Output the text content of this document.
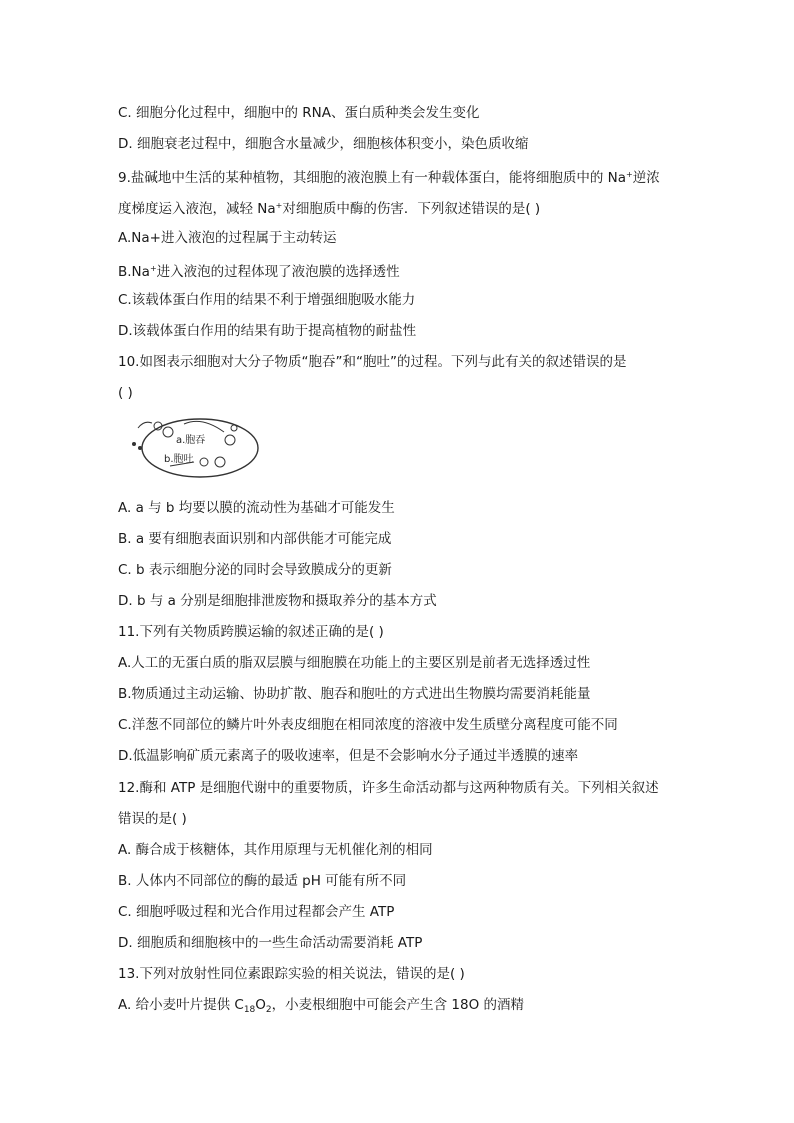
C. 细胞分化过程中，细胞中的 RNA、蛋白质种类会发生变化
D. 细胞衰老过程中，细胞含水量减少，细胞核体积变小，染色质收缩
9.盐碱地中生活的某种植物，其细胞的液泡膜上有一种载体蛋白，能将细胞质中的 Na+逆浓
度梯度运入液泡，减轻 Na+对细胞质中酶的伤害．下列叙述错误的是( )
A.Na+进入液泡的过程属于主动转运
B.Na+进入液泡的过程体现了液泡膜的选择透性
C.该载体蛋白作用的结果不利于增强细胞吸水能力
D.该载体蛋白作用的结果有助于提高植物的耐盐性
10.如图表示细胞对大分子物质“胞吞”和“胞吐”的过程。下列与此有关的叙述错误的是
( )
a.胞吞
b.胞吐
A. a 与 b 均要以膜的流动性为基础才可能发生
B. a 要有细胞表面识别和内部供能才可能完成
C. b 表示细胞分泌的同时会导致膜成分的更新
D. b 与 a 分别是细胞排泄废物和摄取养分的基本方式
11.下列有关物质跨膜运输的叙述正确的是( )
A.人工的无蛋白质的脂双层膜与细胞膜在功能上的主要区别是前者无选择透过性
B.物质通过主动运输、协助扩散、胞吞和胞吐的方式进出生物膜均需要消耗能量
C.洋葱不同部位的鳞片叶外表皮细胞在相同浓度的溶液中发生质壁分离程度可能不同
D.低温影响矿质元素离子的吸收速率，但是不会影响水分子通过半透膜的速率
12.酶和 ATP 是细胞代谢中的重要物质，许多生命活动都与这两种物质有关。下列相关叙述
错误的是( )
A. 酶合成于核糖体，其作用原理与无机催化剂的相同
B. 人体内不同部位的酶的最适 pH 可能有所不同
C. 细胞呼吸过程和光合作用过程都会产生 ATP
D. 细胞质和细胞核中的一些生命活动需要消耗 ATP
13.下列对放射性同位素跟踪实验的相关说法，错误的是( )
A. 给小麦叶片提供 $C_{18}O_2$，小麦根细胞中可能会产生含 18O 的酒精
